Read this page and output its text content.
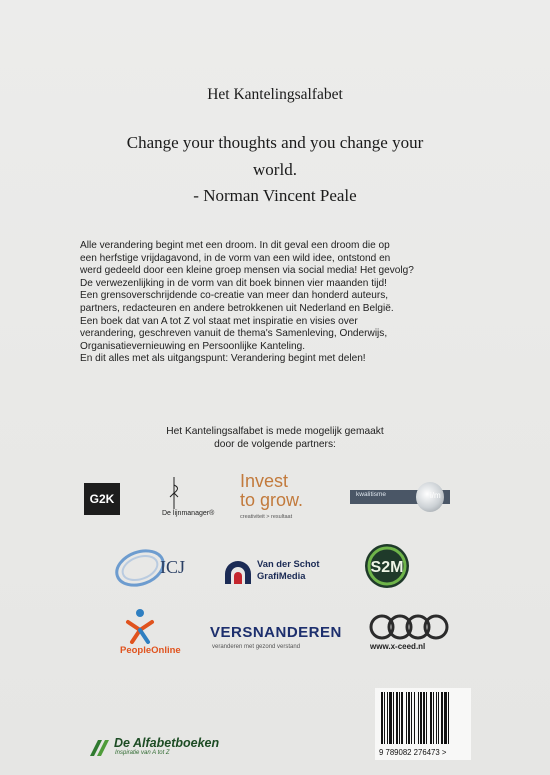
Het Kantelingsalfabet
Change your thoughts and you change your
world.
- Norman Vincent Peale
Alle verandering begint met een droom. In dit geval een droom die op
een herfstige vrijdagavond, in de vorm van een wild idee, ontstond en
werd gedeeld door een kleine groep mensen via social media! Het gevolg?
De verwezenlijking in de vorm van dit boek binnen vier maanden tijd!
Een grensoverschrijdende co-creatie van meer dan honderd auteurs,
partners, redacteuren en andere betrokkenen uit Nederland en België.
Een boek dat van A tot Z vol staat met inspiratie en visies over
verandering, geschreven vanuit de thema's Samenleving, Onderwijs,
Organisatievernieuwing en Persoonlijke Kanteling.
En dit alles met als uitgangspunt: Verandering begint met delen!
Het Kantelingsalfabet is mede mogelijk gemaakt
door de volgende partners:
G2K
De lijnmanager®
Invest
to grow.
creativiteit > resultaat
kwalitisme	i/m
ICJ	Van der Schot
GrafiMedia	S2M
PeopleOnline
VERSNANDEREN
veranderen met gezond verstand	www.x-ceed.nl
De Alfabetboeken
Inspiratie van A tot Z	9 789082 276473 >
